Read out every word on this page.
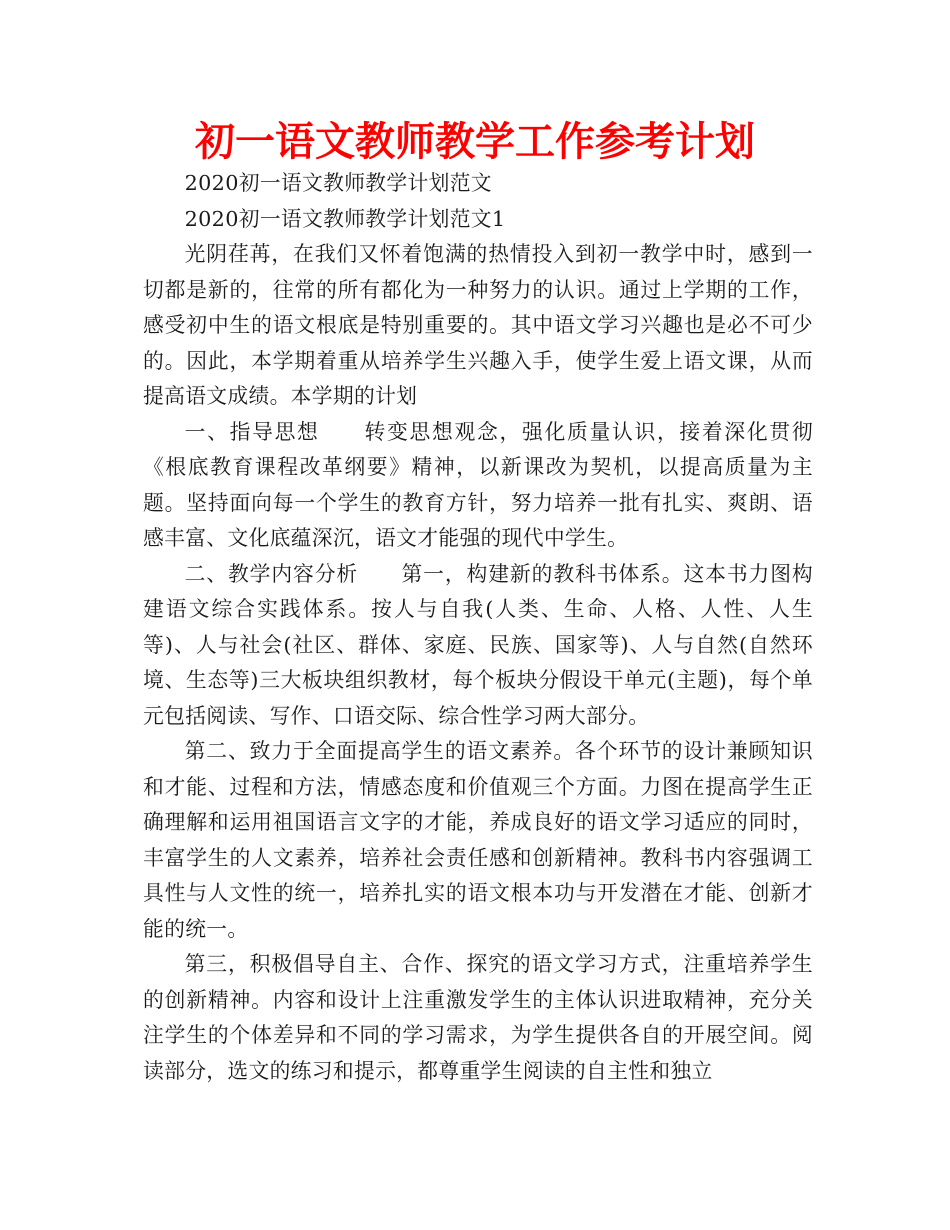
初一语文教师教学工作参考计划

2020初一语文教师教学计划范文

2020初一语文教师教学计划范文1

光阴荏苒，在我们又怀着饱满的热情投入到初一教学中时，感到一切都是新的，往常的所有都化为一种努力的认识。通过上学期的工作，感受初中生的语文根底是特别重要的。其中语文学习兴趣也是必不可少的。因此，本学期着重从培养学生兴趣入手，使学生爱上语文课，从而提高语文成绩。本学期的计划

一、指导思想　　转变思想观念，强化质量认识，接着深化贯彻《根底教育课程改革纲要》精神，以新课改为契机，以提高质量为主题。坚持面向每一个学生的教育方针，努力培养一批有扎实、爽朗、语感丰富、文化底蕴深沉，语文才能强的现代中学生。

二、教学内容分析　　第一，构建新的教科书体系。这本书力图构建语文综合实践体系。按人与自我(人类、生命、人格、人性、人生等)、人与社会(社区、群体、家庭、民族、国家等)、人与自然(自然环境、生态等)三大板块组织教材，每个板块分假设干单元(主题)，每个单元包括阅读、写作、口语交际、综合性学习两大部分。

第二、致力于全面提高学生的语文素养。各个环节的设计兼顾知识和才能、过程和方法，情感态度和价值观三个方面。力图在提高学生正确理解和运用祖国语言文字的才能，养成良好的语文学习适应的同时，丰富学生的人文素养，培养社会责任感和创新精神。教科书内容强调工具性与人文性的统一，培养扎实的语文根本功与开发潜在才能、创新才能的统一。

第三，积极倡导自主、合作、探究的语文学习方式，注重培养学生的创新精神。内容和设计上注重激发学生的主体认识进取精神，充分关注学生的个体差异和不同的学习需求，为学生提供各自的开展空间。阅读部分，选文的练习和提示，都尊重学生阅读的自主性和独立
